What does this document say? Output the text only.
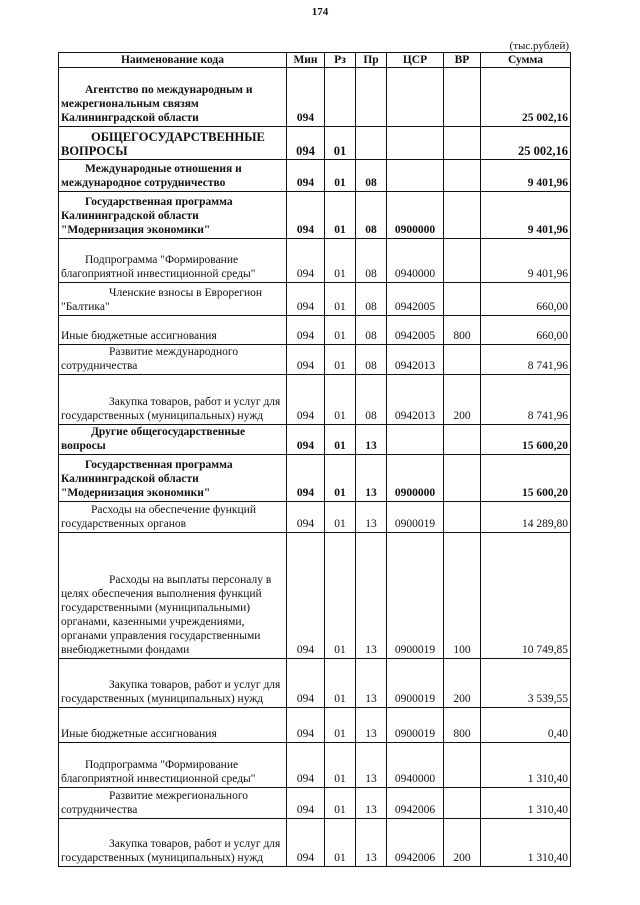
174
(тыс.рублей)
Наименование кода	Мин	Рз	Пр	ЦСР	ВР	Сумма
Агентство по международным и межрегиональным связям Калининградской области	094					25 002,16
ОБЩЕГОСУДАРСТВЕННЫЕ ВОПРОСЫ	094	01				25 002,16
Международные отношения и международное сотрудничество	094	01	08			9 401,96
Государственная программа Калининградской области "Модернизация экономики"	094	01	08	0900000		9 401,96
Подпрограмма "Формирование благоприятной инвестиционной среды"	094	01	08	0940000		9 401,96
Членские взносы в Еврорегион "Балтика"	094	01	08	0942005		660,00
Иные бюджетные ассигнования	094	01	08	0942005	800	660,00
Развитие международного сотрудничества	094	01	08	0942013		8 741,96
Закупка товаров, работ и услуг для государственных (муниципальных) нужд	094	01	08	0942013	200	8 741,96
Другие общегосударственные вопросы	094	01	13			15 600,20
Государственная программа Калининградской области "Модернизация экономики"	094	01	13	0900000		15 600,20
Расходы на обеспечение функций государственных органов	094	01	13	0900019		14 289,80
Расходы на выплаты персоналу в целях обеспечения выполнения функций государственными (муниципальными) органами, казенными учреждениями, органами управления государственными внебюджетными фондами	094	01	13	0900019	100	10 749,85
Закупка товаров, работ и услуг для государственных (муниципальных) нужд	094	01	13	0900019	200	3 539,55
Иные бюджетные ассигнования	094	01	13	0900019	800	0,40
Подпрограмма "Формирование благоприятной инвестиционной среды"	094	01	13	0940000		1 310,40
Развитие межрегионального сотрудничества	094	01	13	0942006		1 310,40
Закупка товаров, работ и услуг для государственных (муниципальных) нужд	094	01	13	0942006	200	1 310,40
